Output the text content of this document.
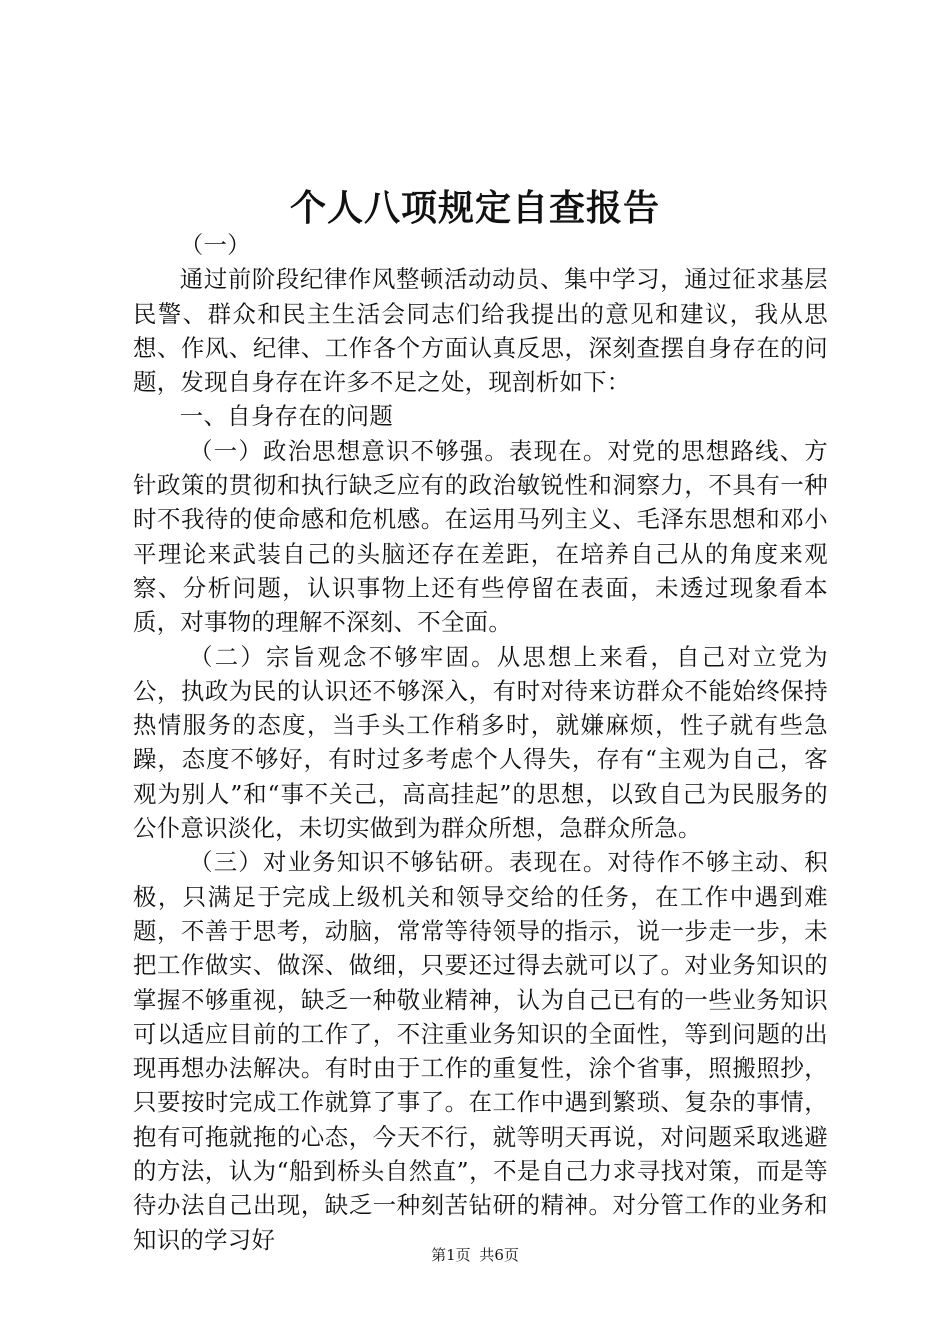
个人八项规定自查报告

（一）

通过前阶段纪律作风整顿活动动员、集中学习，通过征求基层民警、群众和民主生活会同志们给我提出的意见和建议，我从思想、作风、纪律、工作各个方面认真反思，深刻查摆自身存在的问题，发现自身存在许多不足之处，现剖析如下：

一、自身存在的问题

（一）政治思想意识不够强。表现在。对党的思想路线、方针政策的贯彻和执行缺乏应有的政治敏锐性和洞察力，不具有一种时不我待的使命感和危机感。在运用马列主义、毛泽东思想和邓小平理论来武装自己的头脑还存在差距，在培养自己从的角度来观察、分析问题，认识事物上还有些停留在表面，未透过现象看本质，对事物的理解不深刻、不全面。

（二）宗旨观念不够牢固。从思想上来看，自己对立党为公，执政为民的认识还不够深入，有时对待来访群众不能始终保持热情服务的态度，当手头工作稍多时，就嫌麻烦，性子就有些急躁，态度不够好，有时过多考虑个人得失，存有“主观为自己，客观为别人”和“事不关己，高高挂起”的思想，以致自己为民服务的公仆意识淡化，未切实做到为群众所想，急群众所急。

（三）对业务知识不够钻研。表现在。对待作不够主动、积极，只满足于完成上级机关和领导交给的任务，在工作中遇到难题，不善于思考，动脑，常常等待领导的指示，说一步走一步，未把工作做实、做深、做细，只要还过得去就可以了。对业务知识的掌握不够重视，缺乏一种敬业精神，认为自己已有的一些业务知识可以适应目前的工作了，不注重业务知识的全面性，等到问题的出现再想办法解决。有时由于工作的重复性，涂个省事，照搬照抄，只要按时完成工作就算了事了。在工作中遇到繁琐、复杂的事情，抱有可拖就拖的心态，今天不行，就等明天再说，对问题采取逃避的方法，认为“船到桥头自然直”，不是自己力求寻找对策，而是等待办法自己出现，缺乏一种刻苦钻研的精神。对分管工作的业务和知识的学习好

第1页 共6页
